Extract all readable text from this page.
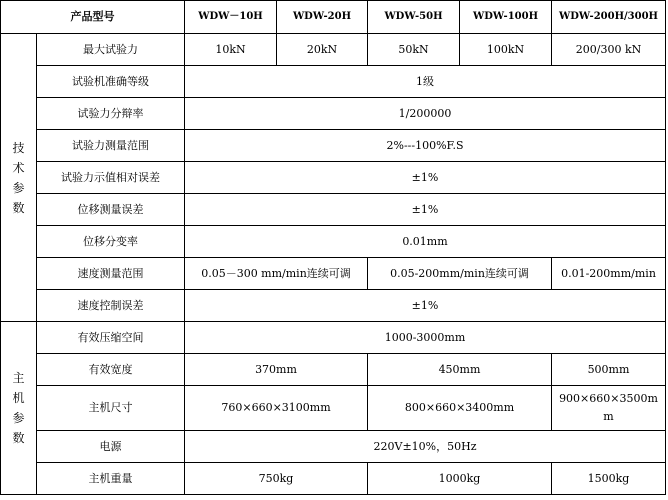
产品型号		WDW－10H	WDW-20H	WDW-50H	WDW-100H	WDW-200H/300H

技
术
参
数	最大试验力	10kN	20kN	50kN	100kN	200/300 kN
	试验机准确等级	1级				
	试验力分辩率	1/200000				
	试验力测量范围	2%---100%F.S				
	试验力示值相对误差	±1%				
	位移测量误差	±1%				
	位移分变率	0.01mm				
	速度测量范围	0.05－300 mm/min连续可调		0.05-200mm/min连续可调		0.01-200mm/min
	速度控制误差	±1%				

主
机
参
数	有效压缩空间	1000-3000mm				
	有效宽度	370mm		450mm		500mm
	主机尺寸	760×660×3100mm		800×660×3400mm		900×660×3500mm
	电源	220V±10%，50Hz				
	主机重量	750kg		1000kg		1500kg
